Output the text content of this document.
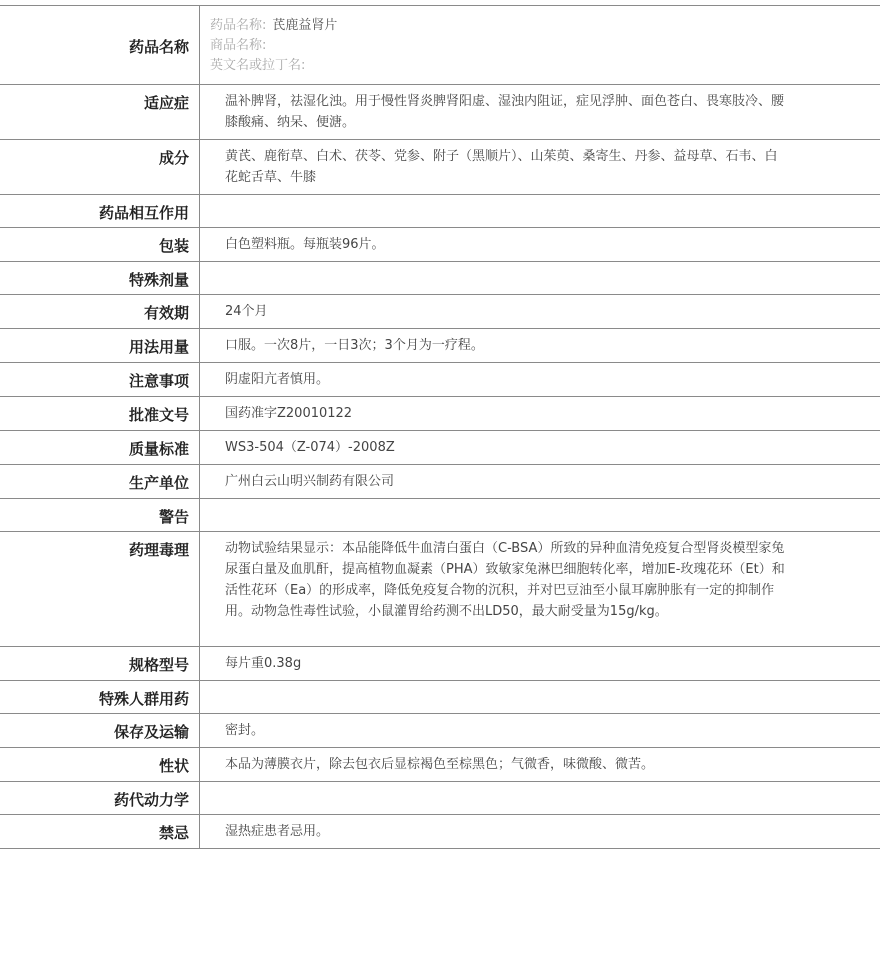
药品名称	药品名称: 芪鹿益肾片
商品名称:
英文名或拉丁名:

适应症	温补脾肾，祛湿化浊。用于慢性肾炎脾肾阳虚、湿浊内阻证，症见浮肿、面色苍白、畏寒肢冷、腰膝酸痛、纳呆、便溏。

成分	黄芪、鹿衔草、白术、茯苓、党参、附子（黑顺片）、山茱萸、桑寄生、丹参、益母草、石韦、白花蛇舌草、牛膝

药品相互作用	

包装	白色塑料瓶。每瓶装96片。

特殊剂量	

有效期	24个月

用法用量	口服。一次8片，一日3次；3个月为一疗程。

注意事项	阴虚阳亢者慎用。

批准文号	国药准字Z20010122

质量标准	WS3-504（Z-074）-2008Z

生产单位	广州白云山明兴制药有限公司

警告	

药理毒理	动物试验结果显示：本品能降低牛血清白蛋白（C-BSA）所致的异种血清免疫复合型肾炎模型家兔尿蛋白量及血肌酐，提高植物血凝素（PHA）致敏家兔淋巴细胞转化率，增加E-玫瑰花环（Et）和活性花环（Ea）的形成率，降低免疫复合物的沉积，并对巴豆油至小鼠耳廓肿胀有一定的抑制作用。动物急性毒性试验，小鼠灌胃给药测不出LD50，最大耐受量为15g/kg。

规格型号	每片重0.38g

特殊人群用药	

保存及运输	密封。

性状	本品为薄膜衣片，除去包衣后显棕褐色至棕黑色；气微香，味微酸、微苦。

药代动力学	

禁忌	湿热症患者忌用。
